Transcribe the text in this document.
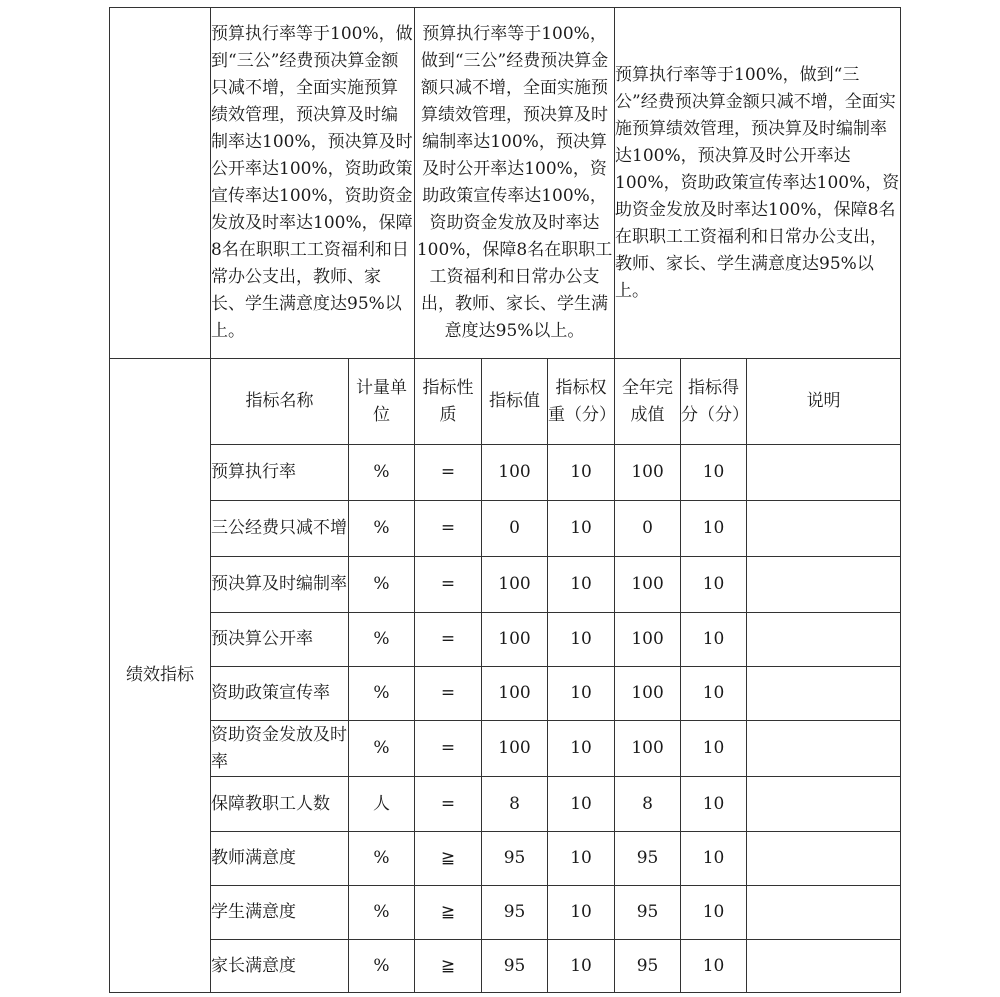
	预算执行率等于100%，做到“三公”经费预决算金额只减不增，全面实施预算绩效管理，预决算及时编制率达100%，预决算及时公开率达100%，资助政策宣传率达100%，资助资金发放及时率达100%，保障8名在职职工工资福利和日常办公支出，教师、家长、学生满意度达95%以上。		预算执行率等于100%，做到“三公”经费预决算金额只减不增，全面实施预算绩效管理，预决算及时编制率达100%，预决算及时公开率达100%，资助政策宣传率达100%，资助资金发放及时率达100%，保障8名在职职工工资福利和日常办公支出，教师、家长、学生满意度达95%以上。			预算执行率等于100%，做到“三公”经费预决算金额只减不增，全面实施预算绩效管理，预决算及时编制率达100%，预决算及时公开率达100%，资助政策宣传率达100%，资助资金发放及时率达100%，保障8名在职职工工资福利和日常办公支出，教师、家长、学生满意度达95%以上。		
绩效指标	指标名称	计量单位	指标性质	指标值	指标权重（分）	全年完成值	指标得分（分）	说明
	预算执行率	%	=	100	10	100	10	
	三公经费只减不增	%	=	0	10	0	10	
	预决算及时编制率	%	=	100	10	100	10	
	预决算公开率	%	=	100	10	100	10	
	资助政策宣传率	%	=	100	10	100	10	
	资助资金发放及时率	%	=	100	10	100	10	
	保障教职工人数	人	=	8	10	8	10	
	教师满意度	%	≧	95	10	95	10	
	学生满意度	%	≧	95	10	95	10	
	家长满意度	%	≧	95	10	95	10	
